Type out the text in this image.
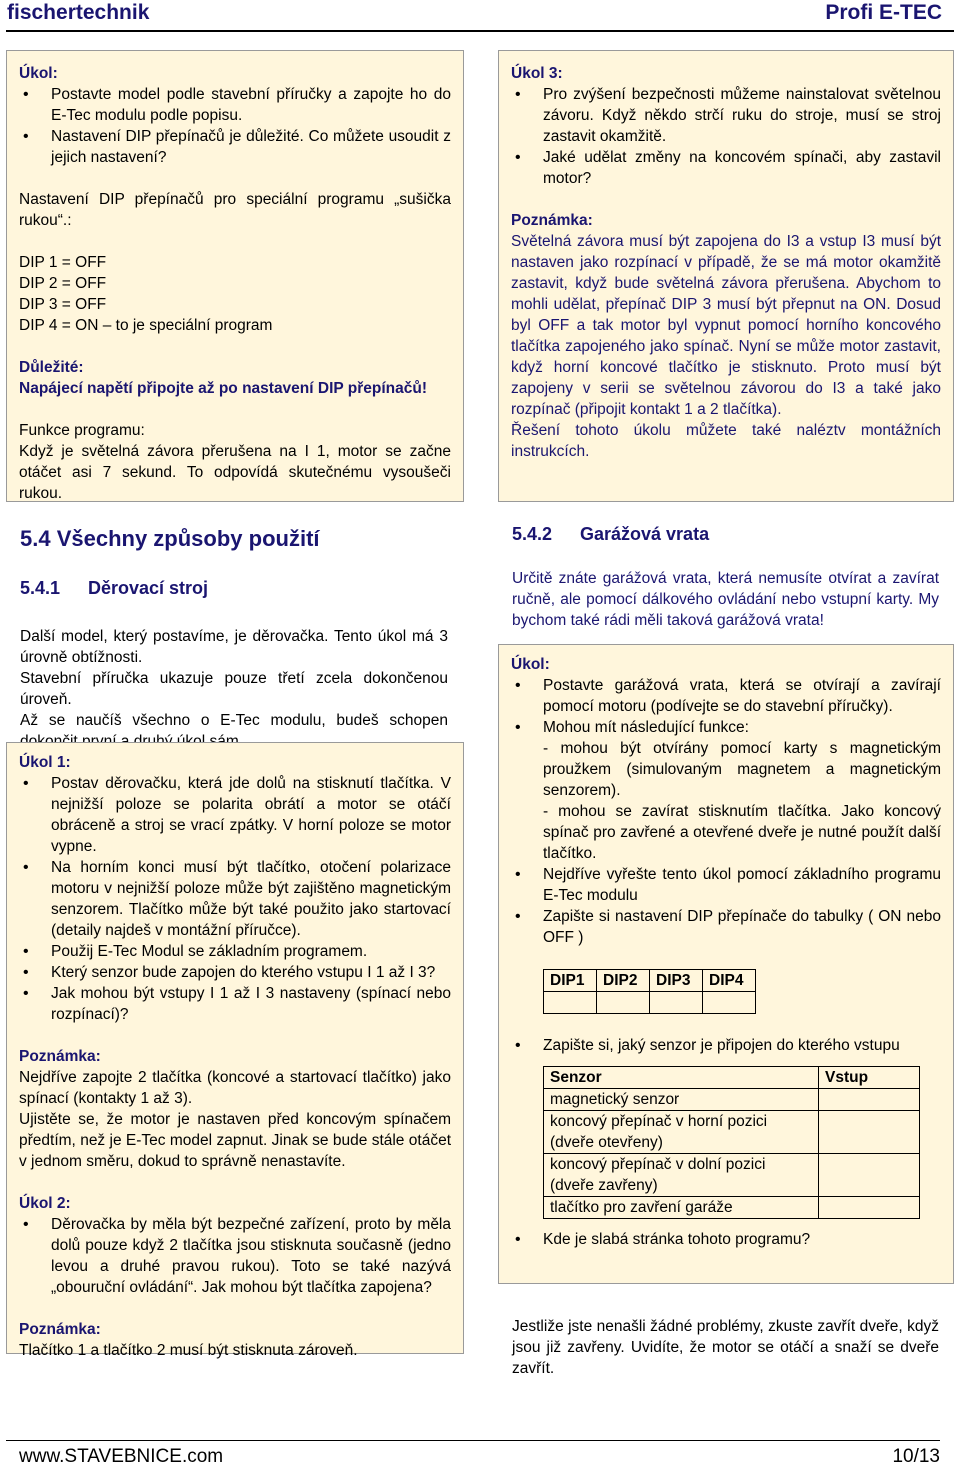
fischertechnik	Profi E-TEC
Úkol:
• Postavte model podle stavební příručky a zapojte ho do E-Tec modulu podle popisu.
• Nastavení DIP přepínačů je důležité. Co můžete usoudit z jejich nastavení?

Nastavení DIP přepínačů pro speciální programu „sušička rukou“.:

DIP 1 = OFF

DIP 2 = OFF

DIP 3 = OFF

DIP 4 = ON – to je speciální program

Důležité:
Napájecí napětí připojte až po nastavení DIP přepínačů!

Funkce programu:

Když je světelná závora přerušena na I 1, motor se začne otáčet asi 7 sekund. To odpovídá skutečnému vysoušeči rukou.

5.4 Všechny způsoby použití
5.4.1 Děrovací stroj

Další model, který postavíme, je děrovačka. Tento úkol má 3 úrovně obtížnosti.

Stavební příručka ukazuje pouze třetí zcela dokončenou úroveň.

Až se naučíš všechno o E-Tec modulu, budeš schopen

Úkol 1:
• Postav děrovačku, která jde dolů na stisknutí tlačítka. V nejnižší poloze se polarita obrátí a motor se otáčí obráceně a stroj se vrací zpátky. V horní poloze se motor vypne.
• Na horním konci musí být tlačítko, otočení polarizace motoru v nejnižší poloze může být zajištěno magnetickým senzorem. Tlačítko může být také použito jako startovací (detaily najdeš v montážní příručce).
• Použij E-Tec Modul se základním programem.
• Který senzor bude zapojen do kterého vstupu I 1 až I 3?
• Jak mohou být vstupy I 1 až I 3 nastaveny (spínací nebo rozpínací)?
Poznámka:

Nejdříve zapojte 2 tlačítka (koncové a startovací tlačítko) jako spínací (kontakty 1 až 3).

Ujistěte se, že motor je nastaven před koncovým spínačem předtím, než je E-Tec model zapnut. Jinak se bude stále otáčet v jednom směru, dokud to správně nenastavíte.

Úkol 2:
• Děrovačka by měla být bezpečné zařízení, proto by měla dolů pouze když 2 tlačítka jsou stisknuta současně (jedno levou a druhé pravou rukou). Toto se také nazývá „obouruční ovládání“. Jak mohou být tlačítka zapojena?
Poznámka:

Tlačítko 1 a tlačítko 2 musí být stisknuta zároveň.

Úkol 3:
• Pro zvýšení bezpečnosti můžeme nainstalovat světelnou závoru. Když někdo strčí ruku do stroje, musí se stroj zastavit okamžitě.
• Jaké udělat změny na koncovém spínači, aby zastavil motor?
Poznámka:

Světelná závora musí být zapojena do I3 a vstup I3 musí být nastaven jako rozpínací v případě, že se má motor okamžitě zastavit, když bude světelná závora přerušena. Abychom to mohli udělat, přepínač DIP 3 musí být přepnut na ON. Dosud byl OFF a tak motor byl vypnut pomocí horního koncového tlačítka zapojeného jako spínač. Nyní se může motor zastavit, když horní koncové tlačítko je stisknuto. Proto musí být zapojeny v serii se světelnou závorou do I3 a také jako rozpínač (připojit kontakt 1 a 2 tlačítka).

Řešení tohoto úkolu můžete také naléztv montážních instrukcích.

5.4.2 Garážová vrata
Určitě znáte garážová vrata, která nemusíte otvírat a zavírat ručně, ale pomocí dálkového ovládání nebo vstupní karty. My bychom také rádi měli taková garážová vrata!
Úkol:
• Postavte garážová vrata, která se otvírají a zavírají pomocí motoru (podívejte se do stavební příručky).
• Mohou mít následující funkce:
- mohou být otvírány pomocí karty s magnetickým proužkem (simulovaným magnetem a magnetickým senzorem).
- mohou se zavírat stisknutím tlačítka. Jako koncový spínač pro zavřené a otevřené dveře je nutné použít další tlačítko.
• Nejdříve vyřešte tento úkol pomocí základního programu E-Tec modulu
• Zapište si nastavení DIP přepínače do tabulky ( ON nebo OFF )
DIP1	DIP2	DIP3	DIP4

• Zapište si, jaký senzor je připojen do kterého vstupu
Senzor	Vstup
magnetický senzor	
koncový přepínač v horní pozici (dveře otevřeny)	
koncový přepínač v dolní pozici (dveře zavřeny)	
tlačítko pro zavření garáže	
• Kde je slabá stránka tohoto programu?
Jestliže jste nenašli žádné problémy, zkuste zavřít dveře, když jsou již zavřeny. Uvidíte, že motor se otáčí a snaží se dveře zavřít.
www.STAVEBNICE.com	10/13
